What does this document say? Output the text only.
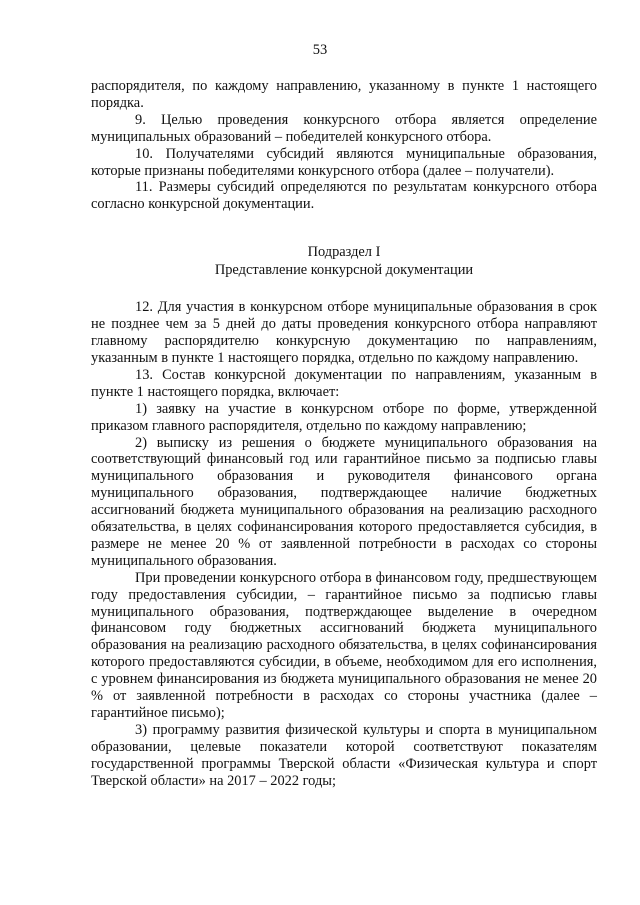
53

распорядителя, по каждому направлению, указанному в пункте 1 настоящего порядка.

9. Целью проведения конкурсного отбора является определение муниципальных образований – победителей конкурсного отбора.

10. Получателями субсидий являются муниципальные образования, которые признаны победителями конкурсного отбора (далее – получатели).

11. Размеры субсидий определяются по результатам конкурсного отбора согласно конкурсной документации.

Подраздел I
Представление конкурсной документации

12. Для участия в конкурсном отборе муниципальные образования в срок не позднее чем за 5 дней до даты проведения конкурсного отбора направляют главному распорядителю конкурсную документацию по направлениям, указанным в пункте 1 настоящего порядка, отдельно по каждому направлению.

13. Состав конкурсной документации по направлениям, указанным в пункте 1 настоящего порядка, включает:

1) заявку на участие в конкурсном отборе по форме, утвержденной приказом главного распорядителя, отдельно по каждому направлению;

2) выписку из решения о бюджете муниципального образования на соответствующий финансовый год или гарантийное письмо за подписью главы муниципального образования и руководителя финансового органа муниципального образования, подтверждающее наличие бюджетных ассигнований бюджета муниципального образования на реализацию расходного обязательства, в целях софинансирования которого предоставляется субсидия, в размере не менее 20 % от заявленной потребности в расходах со стороны муниципального образования.

При проведении конкурсного отбора в финансовом году, предшествующем году предоставления субсидии, – гарантийное письмо за подписью главы муниципального образования, подтверждающее выделение в очередном финансовом году бюджетных ассигнований бюджета муниципального образования на реализацию расходного обязательства, в целях софинансирования которого предоставляются субсидии, в объеме, необходимом для его исполнения, с уровнем финансирования из бюджета муниципального образования не менее 20 % от заявленной потребности в расходах со стороны участника (далее – гарантийное письмо);

3) программу развития физической культуры и спорта в муниципальном образовании, целевые показатели которой соответствуют показателям государственной программы Тверской области «Физическая культура и спорт Тверской области» на 2017 – 2022 годы;
